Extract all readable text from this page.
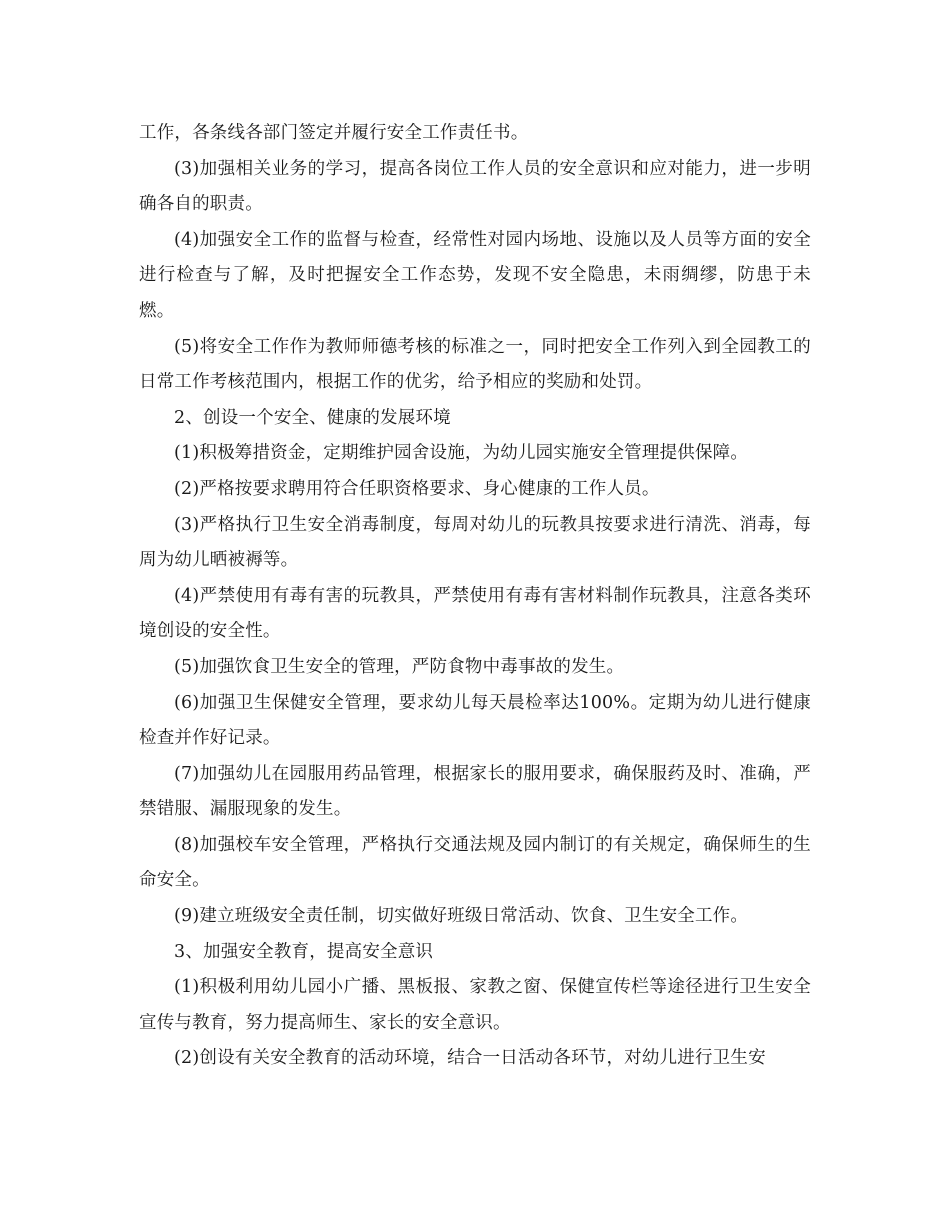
工作，各条线各部门签定并履行安全工作责任书。

(3)加强相关业务的学习，提高各岗位工作人员的安全意识和应对能力，进一步明确各自的职责。

(4)加强安全工作的监督与检查，经常性对园内场地、设施以及人员等方面的安全进行检查与了解，及时把握安全工作态势，发现不安全隐患，未雨绸缪，防患于未燃。

(5)将安全工作作为教师师德考核的标准之一，同时把安全工作列入到全园教工的日常工作考核范围内，根据工作的优劣，给予相应的奖励和处罚。

2、创设一个安全、健康的发展环境

(1)积极筹措资金，定期维护园舍设施，为幼儿园实施安全管理提供保障。

(2)严格按要求聘用符合任职资格要求、身心健康的工作人员。

(3)严格执行卫生安全消毒制度，每周对幼儿的玩教具按要求进行清洗、消毒，每周为幼儿晒被褥等。

(4)严禁使用有毒有害的玩教具，严禁使用有毒有害材料制作玩教具，注意各类环境创设的安全性。

(5)加强饮食卫生安全的管理，严防食物中毒事故的发生。

(6)加强卫生保健安全管理，要求幼儿每天晨检率达100%。定期为幼儿进行健康检查并作好记录。

(7)加强幼儿在园服用药品管理，根据家长的服用要求，确保服药及时、准确，严禁错服、漏服现象的发生。

(8)加强校车安全管理，严格执行交通法规及园内制订的有关规定，确保师生的生命安全。

(9)建立班级安全责任制，切实做好班级日常活动、饮食、卫生安全工作。

3、加强安全教育，提高安全意识

(1)积极利用幼儿园小广播、黑板报、家教之窗、保健宣传栏等途径进行卫生安全宣传与教育，努力提高师生、家长的安全意识。

(2)创设有关安全教育的活动环境，结合一日活动各环节，对幼儿进行卫生安
